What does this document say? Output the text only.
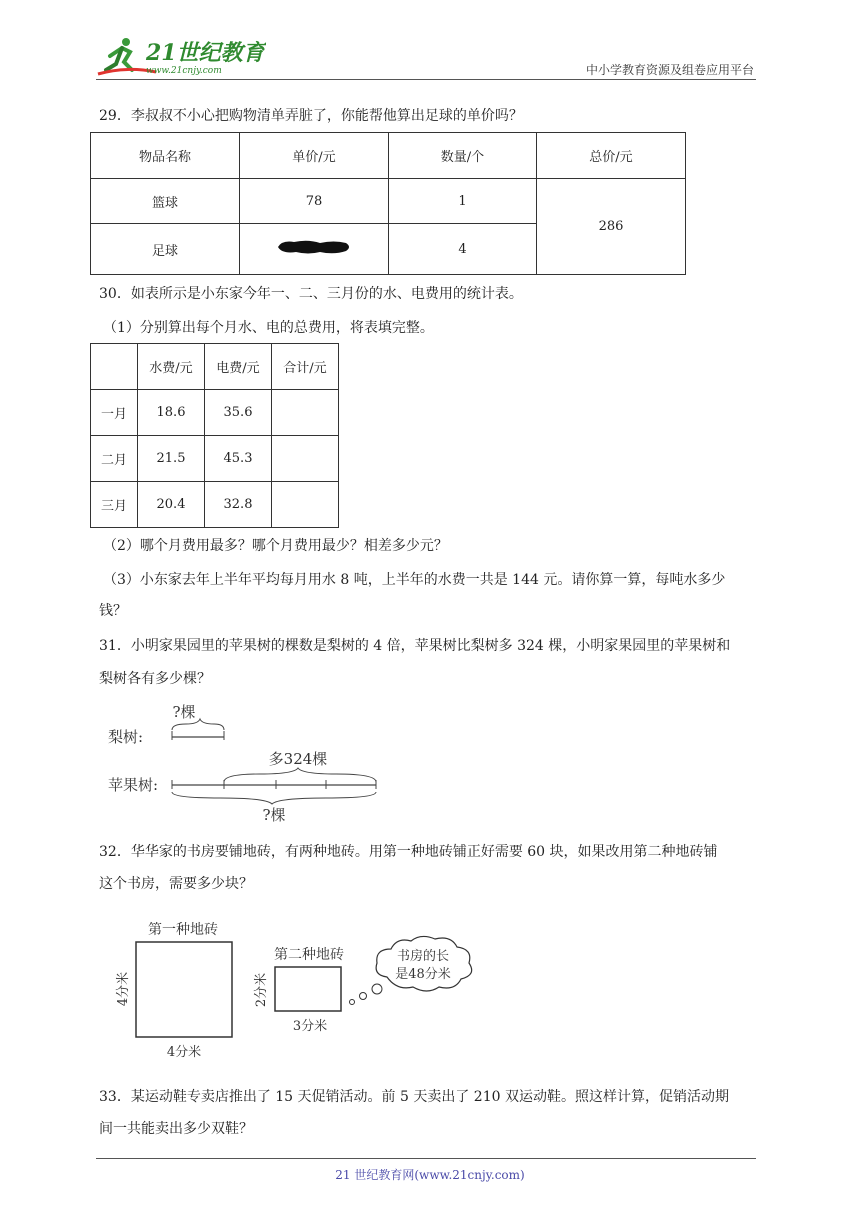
21世纪教育
www.21cnjy.com	中小学教育资源及组卷应用平台
29．李叔叔不小心把购物清单弄脏了，你能帮他算出足球的单价吗？
物品名称	单价/元	数量/个	总价/元
篮球	78	1	286
足球		4	
30．如表所示是小东家今年一、二、三月份的水、电费用的统计表。
（1）分别算出每个月水、电的总费用，将表填完整。
	水费/元	电费/元	合计/元
一月	18.6	35.6	
二月	21.5	45.3	
三月	20.4	32.8	
（2）哪个月费用最多？哪个月费用最少？相差多少元？
（3）小东家去年上半年平均每月用水 8 吨，上半年的水费一共是 144 元。请你算一算，每吨水多少
钱？
31．小明家果园里的苹果树的棵数是梨树的 4 倍，苹果树比梨树多 324 棵，小明家果园里的苹果树和
梨树各有多少棵？
?棵
梨树:
多324棵
苹果树:
?棵
32．华华家的书房要铺地砖，有两种地砖。用第一种地砖铺正好需要 60 块，如果改用第二种地砖铺
这个书房，需要多少块？
第一种地砖
4分米
4分米
第二种地砖
2分米
3分米
书房的长
是48分米
33．某运动鞋专卖店推出了 15 天促销活动。前 5 天卖出了 210 双运动鞋。照这样计算，促销活动期
间一共能卖出多少双鞋？
21 世纪教育网(www.21cnjy.com)
